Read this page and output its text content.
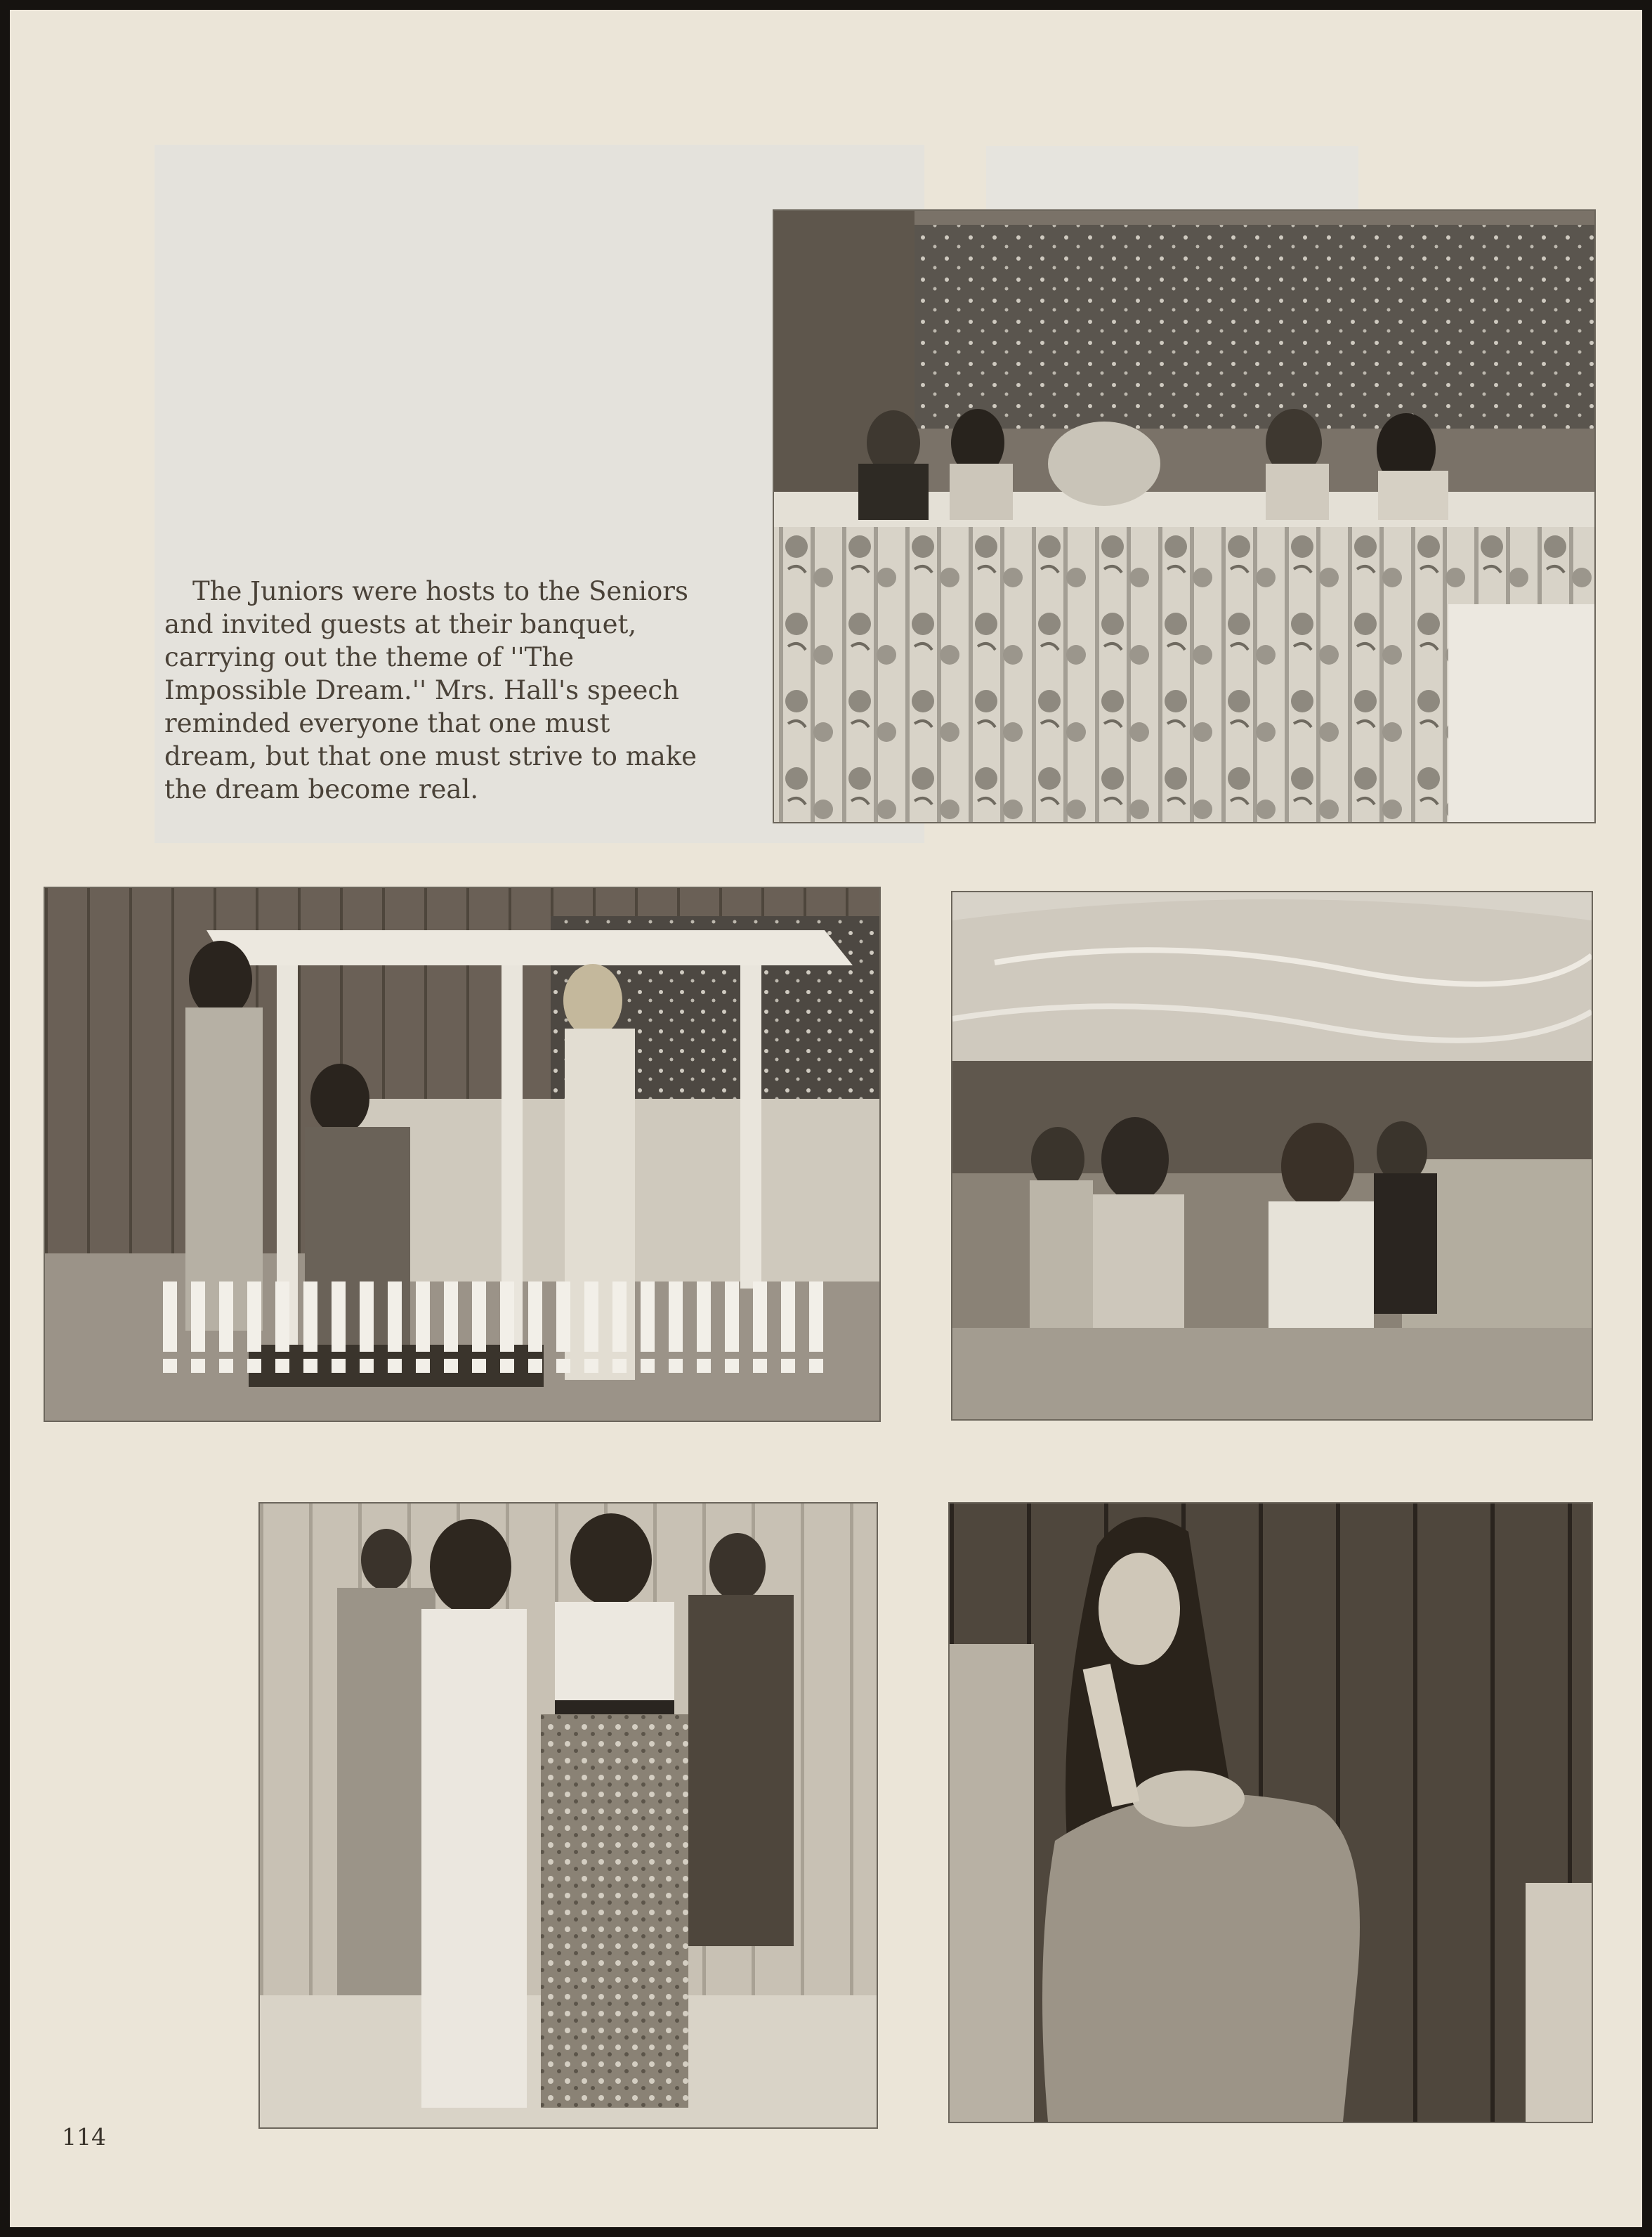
The Juniors were hosts to the Seniors and invited guests at their banquet, carrying out the theme of ''The Impossible Dream.'' Mrs. Hall's speech reminded everyone that one must dream, but that one must strive to make the dream become real.

114
